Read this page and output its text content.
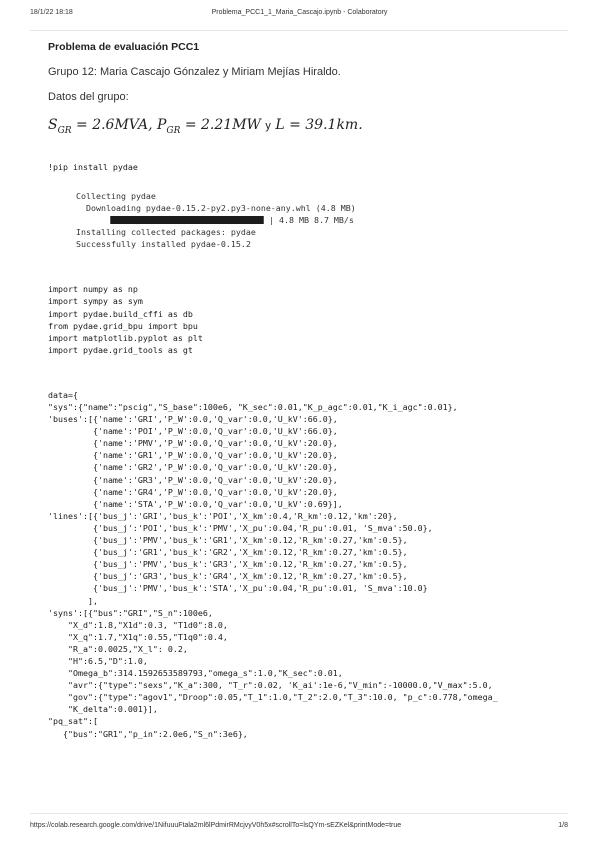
18/1/22 18:18	Problema_PCC1_1_Maria_Cascajo.ipynb - Colaboratory
Problema de evaluación PCC1
Grupo 12: Maria Cascajo Gónzalez y Miriam Mejías Hiraldo.
Datos del grupo:
$S_{GR} = 2.6MVA$, $P_{GR} = 2.21MW$ y L = 39.1km.
!pip install pydae
Collecting pydae
Downloading pydae-0.15.2-py2.py3-none-any.whl (4.8 MB)
| 4.8 MB 8.7 MB/s
Installing collected packages: pydae
Successfully installed pydae-0.15.2
import numpy as np
import sympy as sym
import pydae.build_cffi as db
from pydae.grid_bpu import bpu
import matplotlib.pyplot as plt
import pydae.grid_tools as gt
data={
"sys":{"name":"pscig","S_base":100e6, "K_sec":0.01,"K_p_agc":0.01,"K_i_agc":0.01},
'buses':[{'name':'GRI','P_W':0.0,'Q_var':0.0,'U_kV':66.0},
{'name':'POI','P_W':0.0,'Q_var':0.0,'U_kV':66.0},
{'name':'PMV','P_W':0.0,'Q_var':0.0,'U_kV':20.0},
{'name':'GR1','P_W':0.0,'Q_var':0.0,'U_kV':20.0},
{'name':'GR2','P_W':0.0,'Q_var':0.0,'U_kV':20.0},
{'name':'GR3','P_W':0.0,'Q_var':0.0,'U_kV':20.0},
{'name':'GR4','P_W':0.0,'Q_var':0.0,'U_kV':20.0},
{'name':'STA','P_W':0.0,'Q_var':0.0,'U_kV':0.69}],
'lines':[{'bus_j':'GRI','bus_k':'POI','X_km':0.4,'R_km':0.12,'km':20},
{'bus_j':'POI','bus_k':'PMV','X_pu':0.04,'R_pu':0.01, 'S_mva':50.0},
{'bus_j':'PMV','bus_k':'GR1','X_km':0.12,'R_km':0.27,'km':0.5},
{'bus_j':'GR1','bus_k':'GR2','X_km':0.12,'R_km':0.27,'km':0.5},
{'bus_j':'PMV','bus_k':'GR3','X_km':0.12,'R_km':0.27,'km':0.5},
{'bus_j':'GR3','bus_k':'GR4','X_km':0.12,'R_km':0.27,'km':0.5},
{'bus_j':'PMV','bus_k':'STA','X_pu':0.04,'R_pu':0.01, 'S_mva':10.0}
],
'syns':[{"bus":"GRI","S_n":100e6,
"X_d":1.8,"X1d":0.3, "T1d0":8.0,
"X_q":1.7,"X1q":0.55,"T1q0":0.4,
"R_a":0.0025,"X_l": 0.2,
"H":6.5,"D":1.0,
"Omega_b":314.1592653589793,"omega_s":1.0,"K_sec":0.01,
"avr":{"type":"sexs","K_a":300, "T_r":0.02, 'K_ai':1e-6,"V_min":-10000.0,"V_max":5.0,
"gov":{"type":"agov1","Droop":0.05,"T_1":1.0,"T_2":2.0,"T_3":10.0, "p_c":0.778,"omega_
"K_delta":0.001}],
"pq_sat":[
{"bus":"GR1","p_in":2.0e6,"S_n":3e6},
https://colab.research.google.com/drive/1NifuuuFtala2ml6lPdmirRMcjvyV0h5x#scrollTo=lsQYm-sEZKel&printMode=true	1/8
